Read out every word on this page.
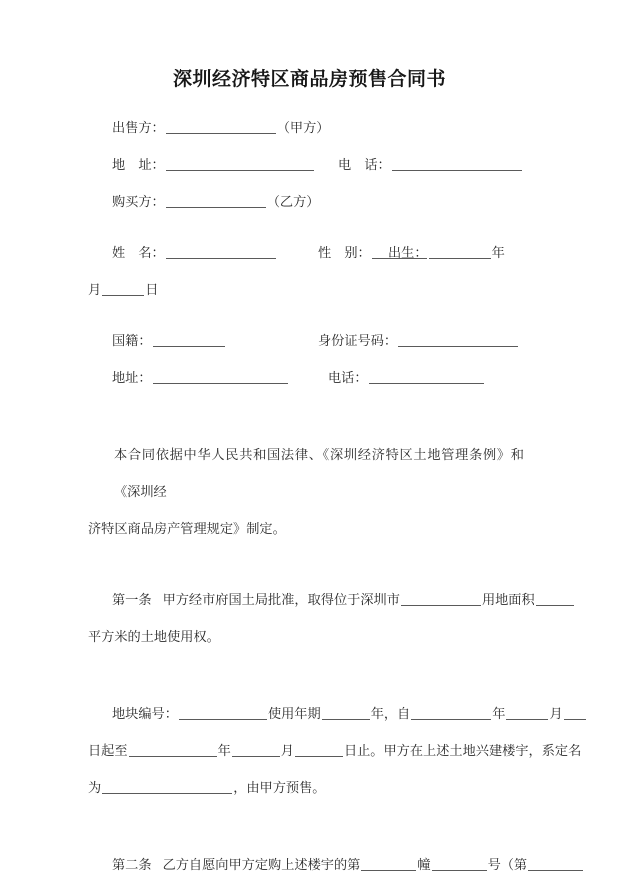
深圳经济特区商品房预售合同书
出售方：	（甲方）
地　址：	电　话：
购买方：	（乙方）
姓　名：	性　别：	出生：	年
月	日
国籍：	身份证号码：
地址：	电话：
本合同依据中华人民共和国法律、《深圳经济特区土地管理条例》和《深圳经
济特区商品房产管理规定》制定。
第一条 甲方经市府国土局批准，取得位于深圳市	用地面积
平方米的土地使用权。
地块编号：	使用年期	年，自	年	月
日起至	年	月	日止。甲方在上述土地兴建楼宇，系定名
为	，由甲方预售。
第二条 乙方自愿向甲方定购上述楼宇的第	幢	号（第
